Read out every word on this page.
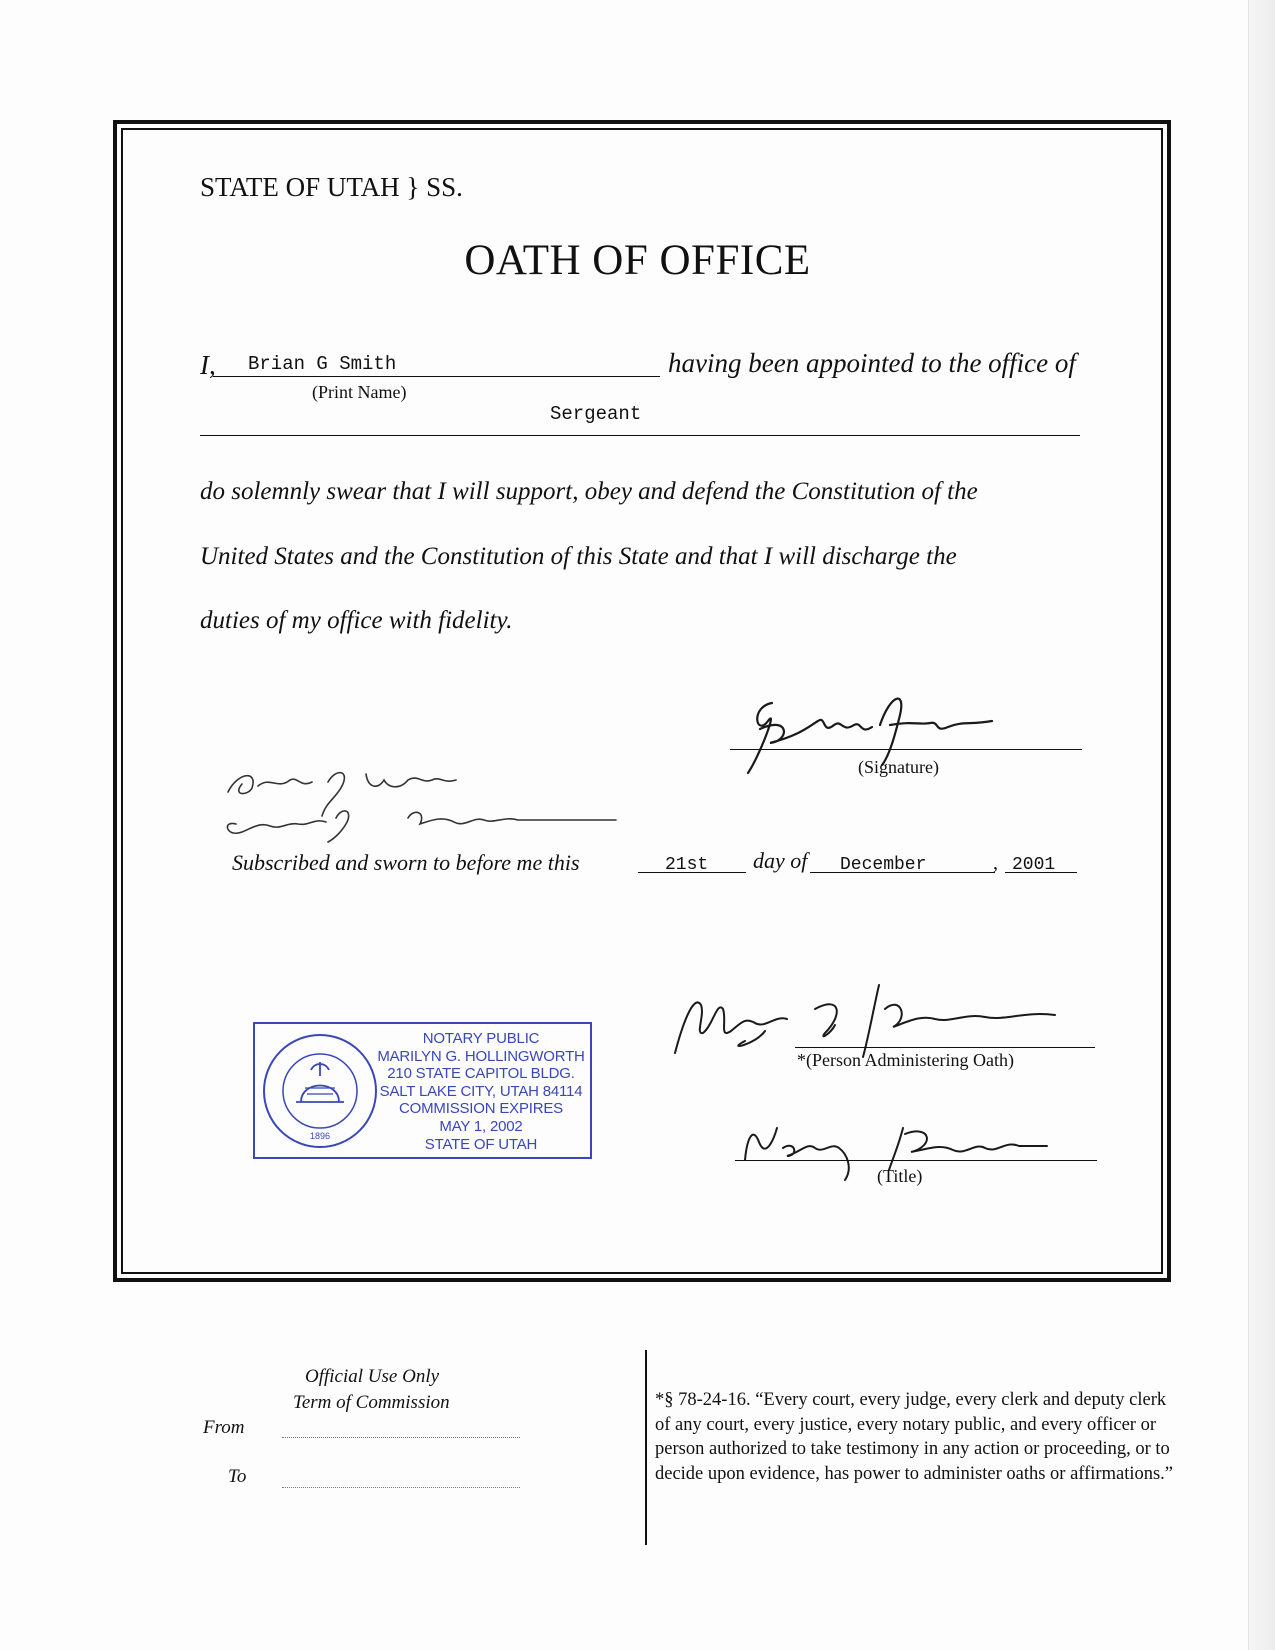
STATE OF UTAH } SS.
OATH OF OFFICE
I, Brian G Smith
(Print Name)
having been appointed to the office of
Sergeant
do solemnly swear that I will support, obey and defend the Constitution of the
United States and the Constitution of this State and that I will discharge the
duties of my office with fidelity.
(Signature)
Subscribed and sworn to before me this	21st day of December	, 2001
1896
NOTARY PUBLIC
MARILYN G. HOLLINGWORTH
210 STATE CAPITOL BLDG.
SALT LAKE CITY, UTAH 84114
COMMISSION EXPIRES
MAY 1, 2002
STATE OF UTAH
*(Person Administering Oath)
(Title)
Official Use Only
Term of Commission
From
To
*§ 78-24-16. “Every court, every judge, every clerk and deputy clerk of any court, every justice, every notary public, and every officer or person authorized to take testimony in any action or proceeding, or to decide upon evidence, has power to administer oaths or affirmations.”
